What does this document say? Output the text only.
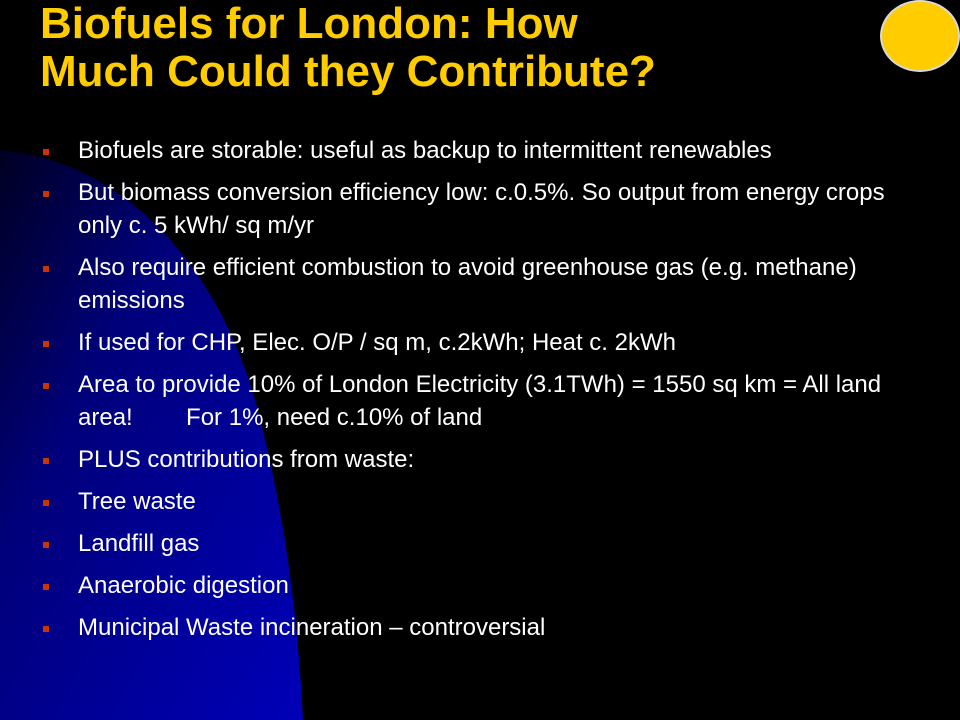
Biofuels for London: How
Much Could they Contribute?
Biofuels are storable: useful as backup to intermittent renewables
But biomass conversion efficiency low: c.0.5%. So output from energy crops only c. 5 kWh/ sq m/yr
Also require efficient combustion to avoid greenhouse gas (e.g. methane) emissions
If used for CHP, Elec. O/P / sq m, c.2kWh; Heat c. 2kWh
Area to provide 10% of London Electricity (3.1TWh) = 1550 sq km = All land area!        For 1%, need c.10% of land
PLUS contributions from waste:
Tree waste
Landfill gas
Anaerobic digestion
Municipal Waste incineration – controversial
